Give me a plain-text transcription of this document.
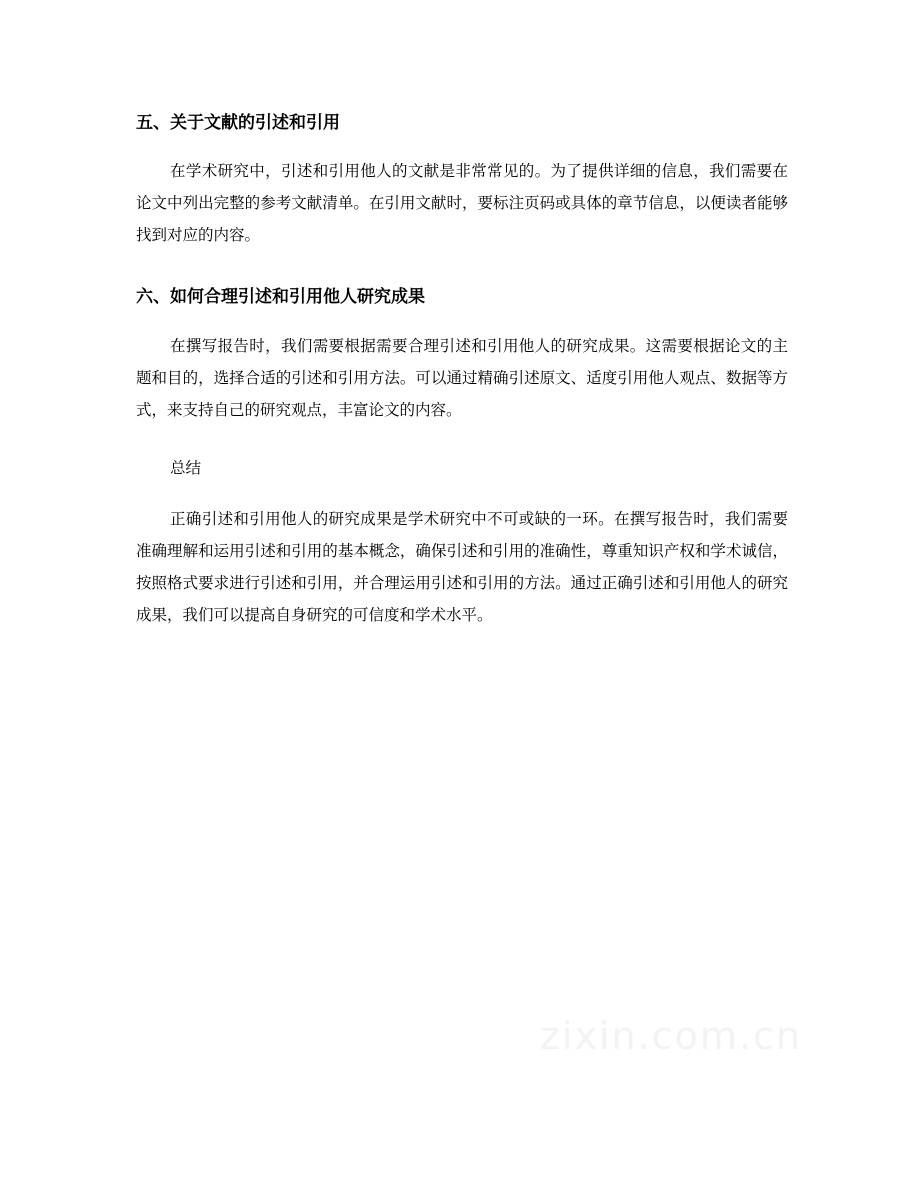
五、关于文献的引述和引用

在学术研究中，引述和引用他人的文献是非常常见的。为了提供详细的信息，我们需要在论文中列出完整的参考文献清单。在引用文献时，要标注页码或具体的章节信息，以便读者能够找到对应的内容。

六、如何合理引述和引用他人研究成果

在撰写报告时，我们需要根据需要合理引述和引用他人的研究成果。这需要根据论文的主题和目的，选择合适的引述和引用方法。可以通过精确引述原文、适度引用他人观点、数据等方式，来支持自己的研究观点，丰富论文的内容。

总结

正确引述和引用他人的研究成果是学术研究中不可或缺的一环。在撰写报告时，我们需要准确理解和运用引述和引用的基本概念，确保引述和引用的准确性，尊重知识产权和学术诚信，按照格式要求进行引述和引用，并合理运用引述和引用的方法。通过正确引述和引用他人的研究成果，我们可以提高自身研究的可信度和学术水平。

zixin.com.cn
